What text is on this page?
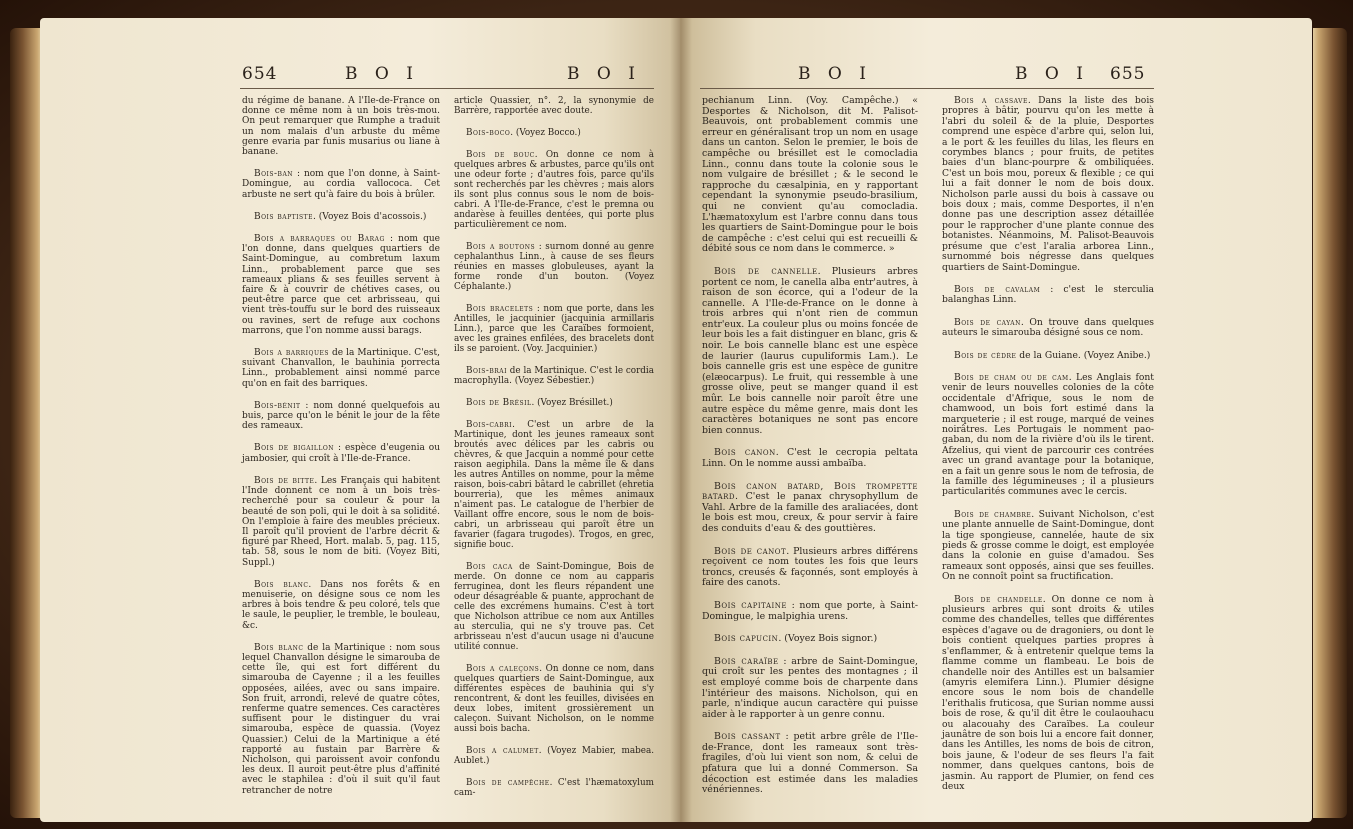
654	B O I	B O I

du régime de banane. A l'Ile-de-France on donne ce même nom à un bois très-mou. On peut remarquer que Rumphe a traduit un nom malais d'un arbuste du même genre evaria par funis musarius ou liane à banane.

Bois-ban : nom que l'on donne, à Saint-Domingue, au cordia vallococa. Cet arbuste ne sert qu'à faire du bois à brûler.

Bois baptiste. (Voyez Bois d'acossois.)

Bois a barraques ou Barag : nom que l'on donne, dans quelques quartiers de Saint-Domingue, au combretum laxum Linn., probablement parce que ses rameaux plians & ses feuilles servent à faire & à couvrir de chétives cases, ou peut-être parce que cet arbrisseau, qui vient très-touffu sur le bord des ruisseaux ou ravines, sert de refuge aux cochons marrons, que l'on nomme aussi barags.

Bois a barriques de la Martinique. C'est, suivant Chanvallon, le bauhinia porrecta Linn., probablement ainsi nommé parce qu'on en fait des barriques.

Bois-bénit : nom donné quelquefois au buis, parce qu'on le bénit le jour de la fête des rameaux.

Bois de bigaillon : espèce d'eugenia ou jambosier, qui croît à l'Ile-de-France.

Bois de bitte. Les Français qui habitent l'Inde donnent ce nom à un bois très-recherché pour sa couleur & pour la beauté de son poli, qui le doit à sa solidité. On l'emploie à faire des meubles précieux. Il paroît qu'il provient de l'arbre décrit & figuré par Rheed, Hort. malab. 5, pag. 115, tab. 58, sous le nom de biti. (Voyez Biti, Suppl.)

Bois blanc. Dans nos forêts & en menuiserie, on désigne sous ce nom les arbres à bois tendre & peu coloré, tels que le saule, le peuplier, le tremble, le bouleau, &c.

Bois blanc de la Martinique : nom sous lequel Chanvallon désigne le simarouba de cette île, qui est fort différent du simarouba de Cayenne ; il a les feuilles opposées, ailées, avec ou sans impaire. Son fruit, arrondi, relevé de quatre côtes, renferme quatre semences. Ces caractères suffisent pour le distinguer du vrai simarouba, espèce de quassia. (Voyez Quassier.) Celui de la Martinique a été rapporté au fustain par Barrère & Nicholson, qui paroissent avoir confondu les deux. Il auroit peut-être plus d'affinité avec le staphilea : d'où il suit qu'il faut retrancher de notre

article Quassier, n°. 2, la synonymie de Barrère, rapportée avec doute.

Bois-boco. (Voyez Bocco.)

Bois de bouc. On donne ce nom à quelques arbres & arbustes, parce qu'ils ont une odeur forte ; d'autres fois, parce qu'ils sont recherchés par les chèvres ; mais alors ils sont plus connus sous le nom de bois-cabri. A l'Ile-de-France, c'est le premna ou andarèse à feuilles dentées, qui porte plus particulièrement ce nom.

Bois a boutons : surnom donné au genre cephalanthus Linn., à cause de ses fleurs réunies en masses globuleuses, ayant la forme ronde d'un bouton. (Voyez Céphalante.)

Bois bracelets : nom que porte, dans les Antilles, le jacquinier (jacquinia armillaris Linn.), parce que les Caraïbes formoient, avec les graines enfilées, des bracelets dont ils se paroient. (Voy. Jacquinier.)

Bois-brai de la Martinique. C'est le cordia macrophylla. (Voyez Sébestier.)

Bois de Brésil. (Voyez Brésillet.)

Bois-cabri. C'est un arbre de la Martinique, dont les jeunes rameaux sont broutés avec délices par les cabris ou chèvres, & que Jacquin a nommé pour cette raison aegiphila. Dans la même île & dans les autres Antilles on nomme, pour la même raison, bois-cabri bâtard le cabrillet (ehretia bourreria), que les mêmes animaux n'aiment pas. Le catalogue de l'herbier de Vaillant offre encore, sous le nom de bois-cabri, un arbrisseau qui paroît être un favarier (fagara trugodes). Trogos, en grec, signifie bouc.

Bois caca de Saint-Domingue, Bois de merde. On donne ce nom au capparis ferruginea, dont les fleurs répandent une odeur désagréable & puante, approchant de celle des excrémens humains. C'est à tort que Nicholson attribue ce nom aux Antilles au sterculia, qui ne s'y trouve pas. Cet arbrisseau n'est d'aucun usage ni d'aucune utilité connue.

Bois a caleçons. On donne ce nom, dans quelques quartiers de Saint-Domingue, aux différentes espèces de bauhinia qui s'y rencontrent, & dont les feuilles, divisées en deux lobes, imitent grossièrement un caleçon. Suivant Nicholson, on le nomme aussi bois bacha.

Bois a calumet. (Voyez Mabier, mabea. Aublet.)

Bois de campêche. C'est l'hæmatoxylum cam-

B O I	B O I 655

pechianum Linn. (Voy. Campêche.) « Desportes & Nicholson, dit M. Palisot-Beauvois, ont probablement commis une erreur en généralisant trop un nom en usage dans un canton. Selon le premier, le bois de campêche ou brésillet est le comocladia Linn., connu dans toute la colonie sous le nom vulgaire de brésillet ; & le second le rapproche du cæsalpinia, en y rapportant cependant la synonymie pseudo-brasilium, qui ne convient qu'au comocladia. L'hæmatoxylum est l'arbre connu dans tous les quartiers de Saint-Domingue pour le bois de campêche : c'est celui qui est recueilli & débité sous ce nom dans le commerce. »

Bois de cannelle. Plusieurs arbres portent ce nom, le canella alba entr'autres, à raison de son écorce, qui a l'odeur de la cannelle. A l'Ile-de-France on le donne à trois arbres qui n'ont rien de commun entr'eux. La couleur plus ou moins foncée de leur bois les a fait distinguer en blanc, gris & noir. Le bois cannelle blanc est une espèce de laurier (laurus cupuliformis Lam.). Le bois cannelle gris est une espèce de gunitre (elæocarpus). Le fruit, qui ressemble à une grosse olive, peut se manger quand il est mûr. Le bois cannelle noir paroît être une autre espèce du même genre, mais dont les caractères botaniques ne sont pas encore bien connus.

Bois canon. C'est le cecropia peltata Linn. On le nomme aussi ambaïba.

Bois canon batard, Bois trompette batard. C'est le panax chrysophyllum de Vahl. Arbre de la famille des araliacées, dont le bois est mou, creux, & pour servir à faire des conduits d'eau & des gouttières.

Bois de canot. Plusieurs arbres différens reçoivent ce nom toutes les fois que leurs troncs, creusés & façonnés, sont employés à faire des canots.

Bois capitaine : nom que porte, à Saint-Domingue, le malpighia urens.

Bois capucin. (Voyez Bois signor.)

Bois caraïbe : arbre de Saint-Domingue, qui croît sur les pentes des montagnes ; il est employé comme bois de charpente dans l'intérieur des maisons. Nicholson, qui en parle, n'indique aucun caractère qui puisse aider à le rapporter à un genre connu.

Bois cassant : petit arbre grêle de l'Ile-de-France, dont les rameaux sont très-fragiles, d'où lui vient son nom, & celui de pfatura que lui a donné Commerson. Sa décoction est estimée dans les maladies vénériennes.

Bois a cassave. Dans la liste des bois propres à bâtir, pourvu qu'on les mette à l'abri du soleil & de la pluie, Desportes comprend une espèce d'arbre qui, selon lui, a le port & les feuilles du lilas, les fleurs en corymbes blancs ; pour fruits, de petites baies d'un blanc-pourpre & ombiliquées. C'est un bois mou, poreux & flexible ; ce qui lui a fait donner le nom de bois doux. Nicholson parle aussi du bois à cassave ou bois doux ; mais, comme Desportes, il n'en donne pas une description assez détaillée pour le rapprocher d'une plante connue des botanistes. Néanmoins, M. Palisot-Beauvois présume que c'est l'aralia arborea Linn., surnommé bois négresse dans quelques quartiers de Saint-Domingue.

Bois de cavalam : c'est le sterculia balanghas Linn.

Bois de cayan. On trouve dans quelques auteurs le simarouba désigné sous ce nom.

Bois de cèdre de la Guiane. (Voyez Anibe.)

Bois de cham ou de cam. Les Anglais font venir de leurs nouvelles colonies de la côte occidentale d'Afrique, sous le nom de chamwood, un bois fort estimé dans la marqueterie ; il est rouge, marqué de veines noirâtres. Les Portugais le nomment pao-gaban, du nom de la rivière d'où ils le tirent. Afzelius, qui vient de parcourir ces contrées avec un grand avantage pour la botanique, en a fait un genre sous le nom de tefrosia, de la famille des légumineuses ; il a plusieurs particularités communes avec le cercis.

Bois de chambre. Suivant Nicholson, c'est une plante annuelle de Saint-Domingue, dont la tige spongieuse, cannelée, haute de six pieds & grosse comme le doigt, est employée dans la colonie en guise d'amadou. Ses rameaux sont opposés, ainsi que ses feuilles. On ne connoît point sa fructification.

Bois de chandelle. On donne ce nom à plusieurs arbres qui sont droits & utiles comme des chandelles, telles que différentes espèces d'agave ou de dragoniers, ou dont le bois contient quelques parties propres à s'enflammer, & à entretenir quelque tems la flamme comme un flambeau. Le bois de chandelle noir des Antilles est un balsamier (amyris elemifera Linn.). Plumier désigne encore sous le nom bois de chandelle l'erithalis fruticosa, que Surian nomme aussi bois de rose, & qu'il dit être le coulaouhacu ou alacouahy des Caraïbes. La couleur jaunâtre de son bois lui a encore fait donner, dans les Antilles, les noms de bois de citron, bois jaune, & l'odeur de ses fleurs l'a fait nommer, dans quelques cantons, bois de jasmin. Au rapport de Plumier, on fend ces deux
